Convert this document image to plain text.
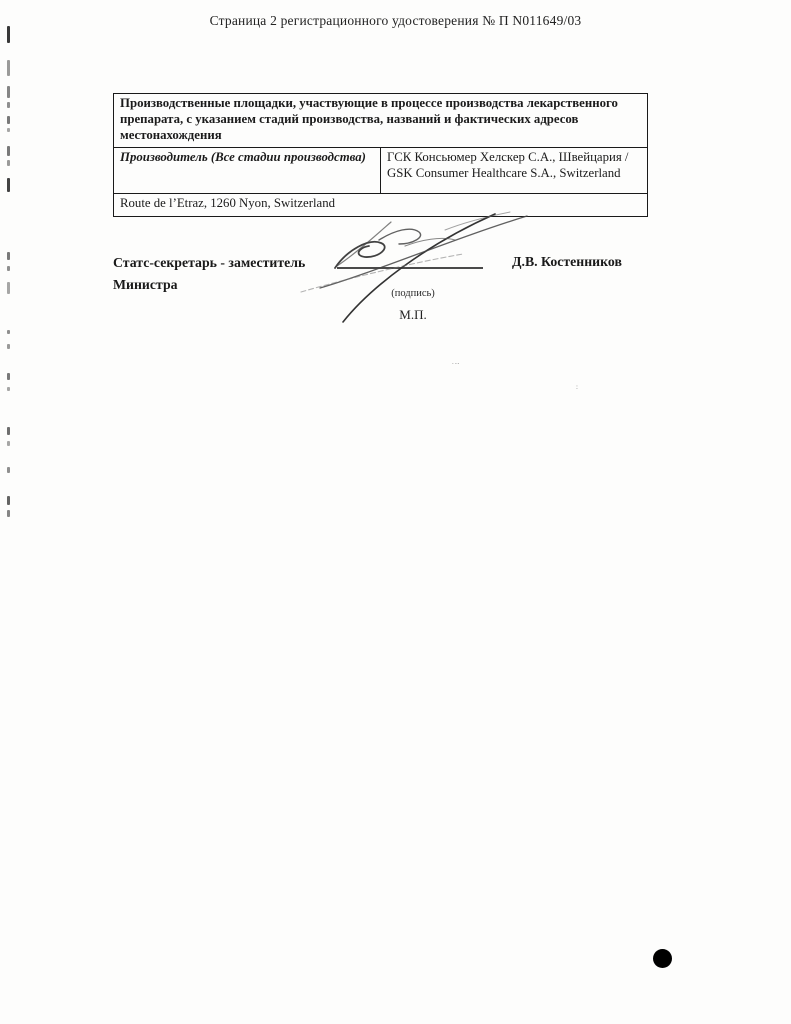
Страница 2 регистрационного удостоверения № П N011649/03
Производственные площадки, участвующие в процессе производства лекарственного препарата, с указанием стадий производства, названий и фактических адресов местонахождения
Производитель (Все стадии производства)	ГСК Консьюмер Хелскер С.А., Швейцария / GSK Consumer Healthcare S.A., Switzerland
Route de l’Etraz, 1260 Nyon, Switzerland
Статс-секретарь - заместитель Министра
Д.В. Костенников
(подпись)
М.П.
.‥
:
